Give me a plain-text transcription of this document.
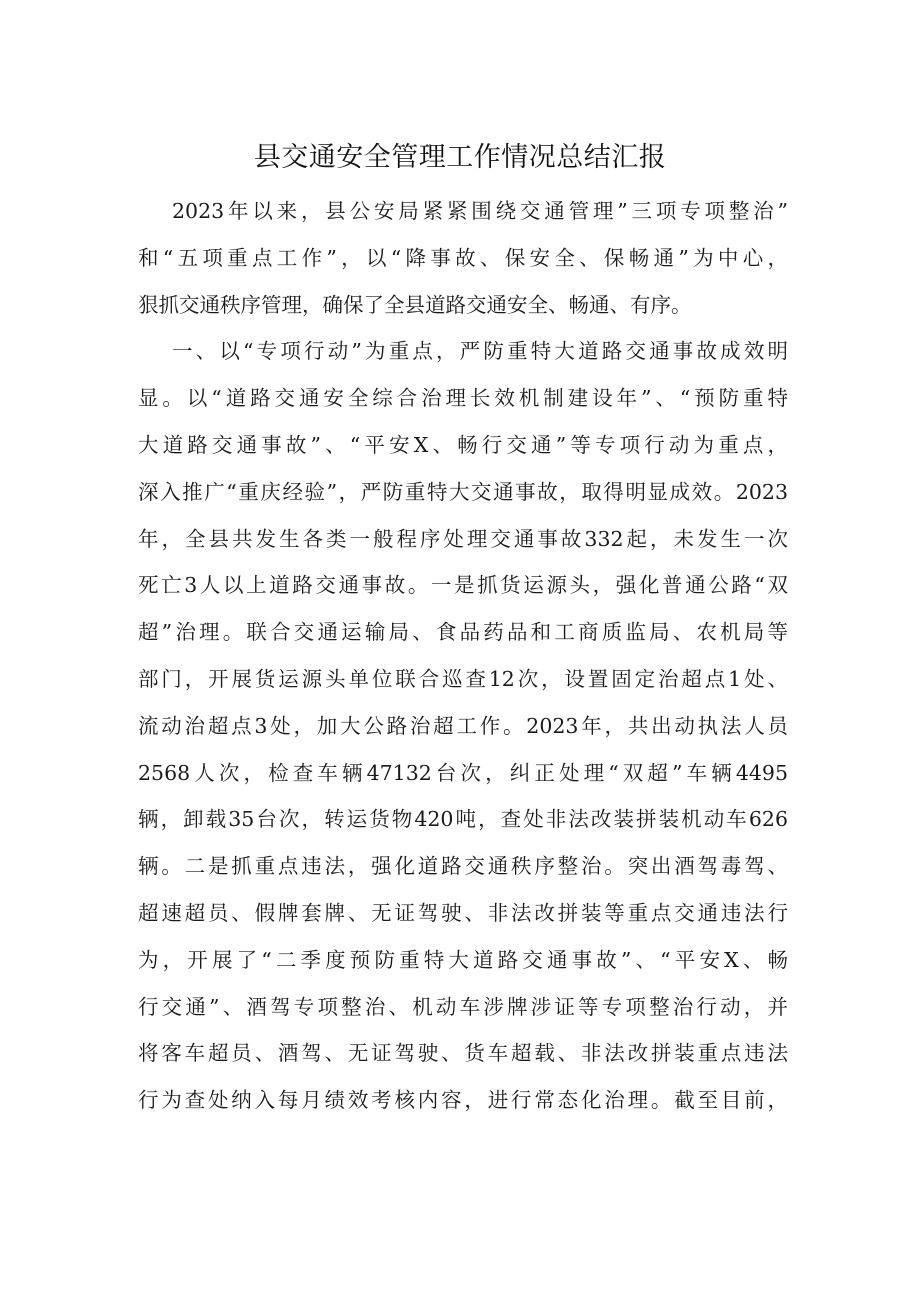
县交通安全管理工作情况总结汇报
2023年以来，县公安局紧紧围绕交通管理”三项专项整治”
和“五项重点工作”，以“降事故、保安全、保畅通”为中心，
狠抓交通秩序管理，确保了全县道路交通安全、畅通、有序。
一、以“专项行动”为重点，严防重特大道路交通事故成效明
显。以“道路交通安全综合治理长效机制建设年”、“预防重特
大道路交通事故”、“平安X、畅行交通”等专项行动为重点，
深入推广“重庆经验”，严防重特大交通事故，取得明显成效。2023
年，全县共发生各类一般程序处理交通事故332起，未发生一次
死亡3人以上道路交通事故。一是抓货运源头，强化普通公路“双
超”治理。联合交通运输局、食品药品和工商质监局、农机局等
部门，开展货运源头单位联合巡查12次，设置固定治超点1处、
流动治超点3处，加大公路治超工作。2023年，共出动执法人员
2568人次，检查车辆47132台次，纠正处理“双超”车辆4495
辆，卸载35台次，转运货物420吨，查处非法改装拼装机动车626
辆。二是抓重点违法，强化道路交通秩序整治。突出酒驾毒驾、
超速超员、假牌套牌、无证驾驶、非法改拼装等重点交通违法行
为，开展了“二季度预防重特大道路交通事故”、“平安X、畅
行交通”、酒驾专项整治、机动车涉牌涉证等专项整治行动，并
将客车超员、酒驾、无证驾驶、货车超载、非法改拼装重点违法
行为查处纳入每月绩效考核内容，进行常态化治理。截至目前，
